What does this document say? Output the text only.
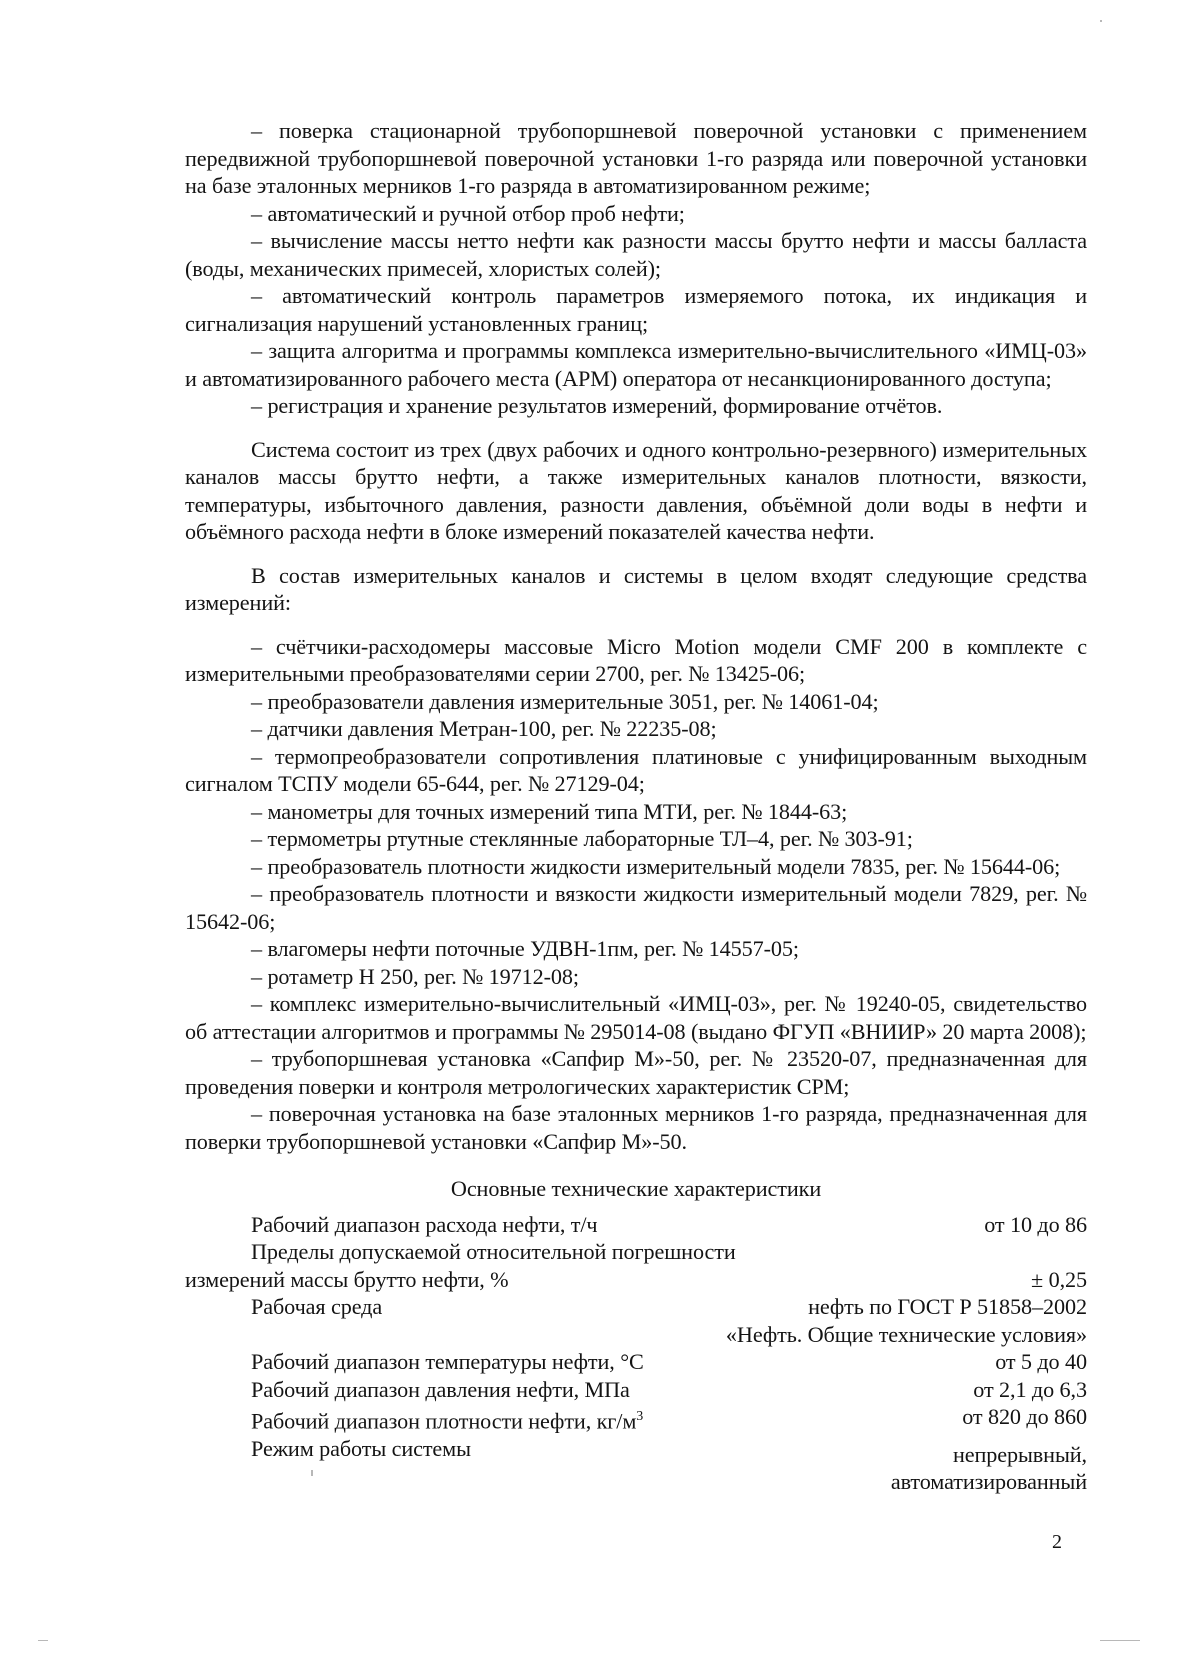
– поверка стационарной трубопоршневой поверочной установки с применением передвижной трубопоршневой поверочной установки 1-го разряда или поверочной установки на базе эталонных мерников 1-го разряда в автоматизированном режиме;

– автоматический и ручной отбор проб нефти;

– вычисление массы нетто нефти как разности массы брутто нефти и массы балласта (воды, механических примесей, хлористых солей);

– автоматический контроль параметров измеряемого потока, их индикация и сигнализация нарушений установленных границ;

– защита алгоритма и программы комплекса измерительно-вычислительного «ИМЦ-03» и автоматизированного рабочего места (АРМ) оператора от несанкционированного доступа;

– регистрация и хранение результатов измерений, формирование отчётов.

Система состоит из трех (двух рабочих и одного контрольно-резервного) измерительных каналов массы брутто нефти, а также измерительных каналов плотности, вязкости, температуры, избыточного давления, разности давления, объёмной доли воды в нефти и объёмного расхода нефти в блоке измерений показателей качества нефти.

В состав измерительных каналов и системы в целом входят следующие средства измерений:

– счётчики-расходомеры массовые Micro Motion модели CMF 200 в комплекте с измерительными преобразователями серии 2700, рег. № 13425-06;

– преобразователи давления измерительные 3051, рег. № 14061-04;

– датчики давления Метран-100, рег. № 22235-08;

– термопреобразователи сопротивления платиновые с унифицированным выходным сигналом ТСПУ модели 65-644, рег. № 27129-04;

– манометры для точных измерений типа МТИ, рег. № 1844-63;

– термометры ртутные стеклянные лабораторные ТЛ–4, рег. № 303-91;

– преобразователь плотности жидкости измерительный модели 7835, рег. № 15644-06;

– преобразователь плотности и вязкости жидкости измерительный модели 7829, рег. № 15642-06;

– влагомеры нефти поточные УДВН-1пм, рег. № 14557-05;

– ротаметр Н 250, рег. № 19712-08;

– комплекс измерительно-вычислительный «ИМЦ-03», рег. № 19240-05, свидетельство об аттестации алгоритмов и программы № 295014-08 (выдано ФГУП «ВНИИР» 20 марта 2008);

– трубопоршневая установка «Сапфир М»-50, рег. № 23520-07, предназначенная для проведения поверки и контроля метрологических характеристик СРМ;

– поверочная установка на базе эталонных мерников 1-го разряда, предназначенная для поверки трубопоршневой установки «Сапфир М»-50.

Основные технические характеристики

Рабочий диапазон расхода нефти, т/ч	от 10 до 86
Пределы допускаемой относительной погрешности
измерений массы брутто нефти, %	± 0,25
Рабочая среда	нефть по ГОСТ Р 51858–2002
«Нефть. Общие технические условия»
Рабочий диапазон температуры нефти, °С	от 5 до 40
Рабочий диапазон давления нефти, МПа	от 2,1 до 6,3
Рабочий диапазон плотности нефти, $кг/м^3$	от 820 до 860
Режим работы системы	непрерывный,
автоматизированный
2
